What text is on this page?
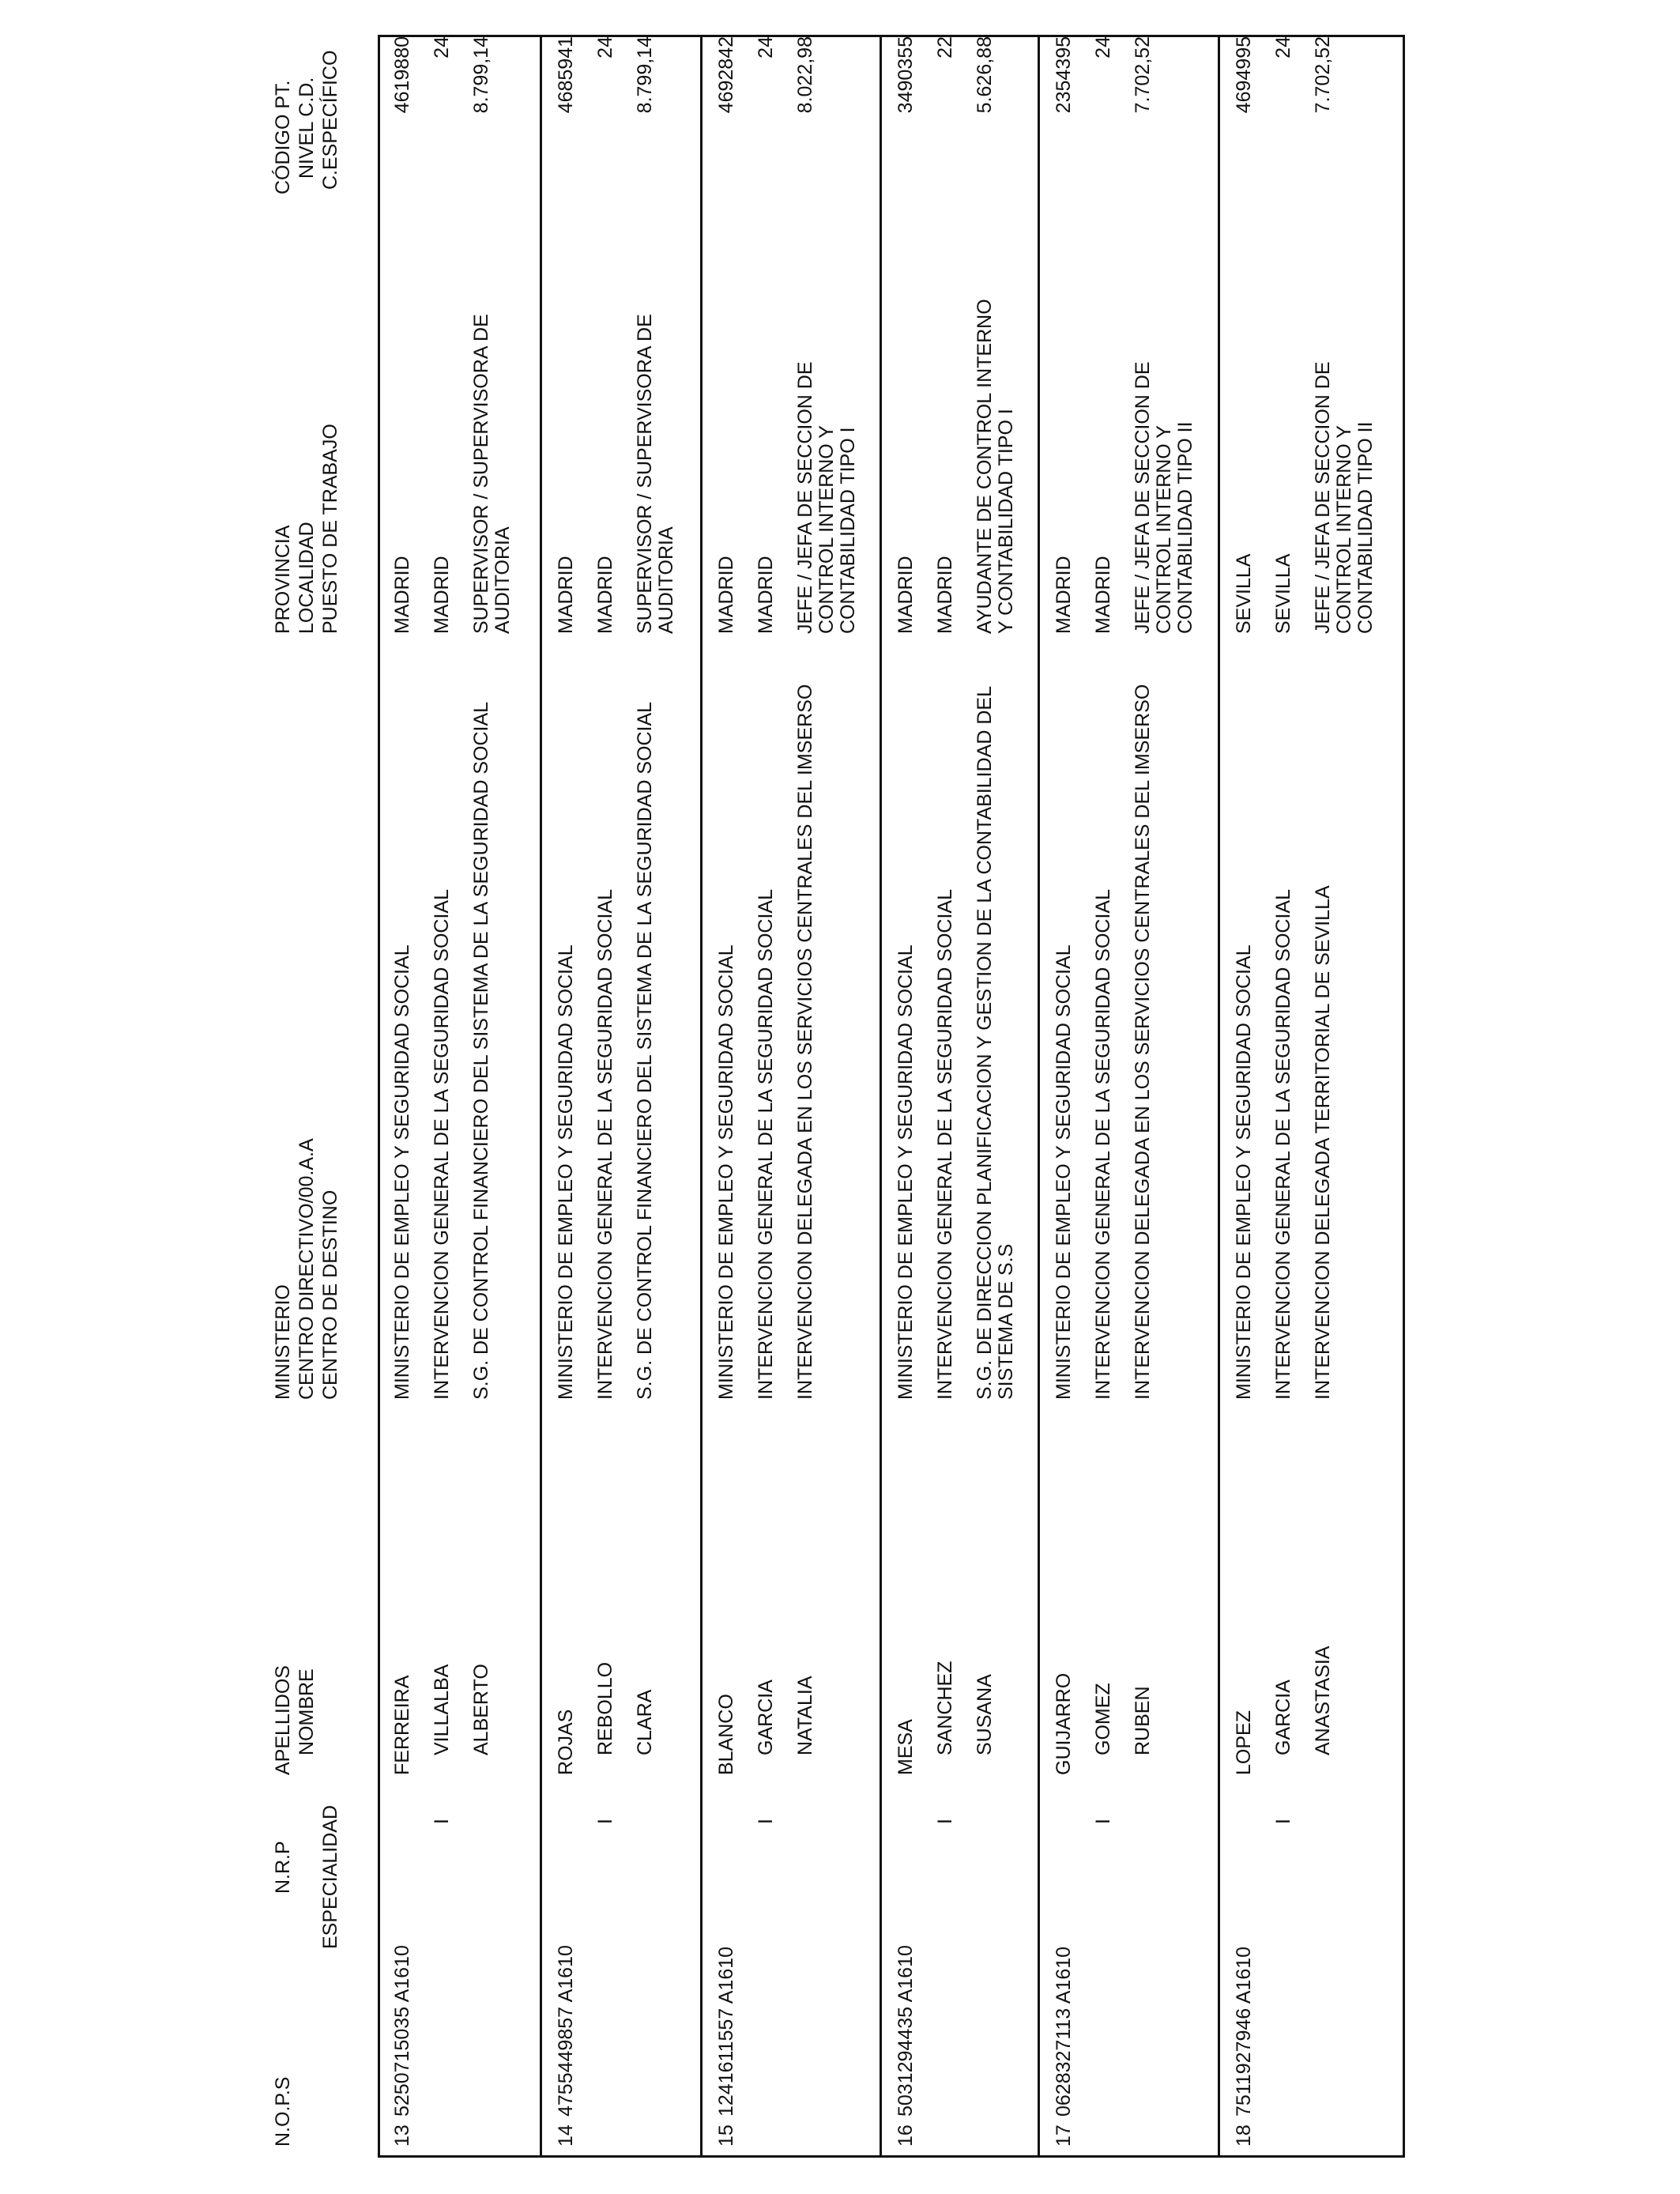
N.O.P.S
N.R.P ESPECIALIDAD
APELLIDOS NOMBRE
MINISTERIO CENTRO DIRECTIVO/00.A.A CENTRO DE DESTINO
PROVINCIA LOCALIDAD PUESTO DE TRABAJO
CÓDIGO PT. NIVEL C.D. C.ESPECÍFICO
13
5250715035 A1610
FERREIRA VILLALBA ALBERTO
MINISTERIO DE EMPLEO Y SEGURIDAD SOCIAL INTERVENCION GENERAL DE LA SEGURIDAD SOCIAL S.G. DE CONTROL FINANCIERO DEL SISTEMA DE LA SEGURIDAD SOCIAL
MADRID MADRID SUPERVISOR / SUPERVISORA DE AUDITORIA
4619880 24 8.799,14
I
14
4755449857 A1610
ROJAS REBOLLO CLARA
MINISTERIO DE EMPLEO Y SEGURIDAD SOCIAL INTERVENCION GENERAL DE LA SEGURIDAD SOCIAL S.G. DE CONTROL FINANCIERO DEL SISTEMA DE LA SEGURIDAD SOCIAL
MADRID MADRID SUPERVISOR / SUPERVISORA DE AUDITORIA
4685941 24 8.799,14
I
15
1241611557 A1610
BLANCO GARCIA NATALIA
MINISTERIO DE EMPLEO Y SEGURIDAD SOCIAL INTERVENCION GENERAL DE LA SEGURIDAD SOCIAL INTERVENCION DELEGADA EN LOS SERVICIOS CENTRALES DEL IMSERSO
MADRID MADRID JEFE / JEFA DE SECCION DE CONTROL INTERNO Y CONTABILIDAD TIPO I
4692842 24 8.022,98
I
16
5031294435 A1610
MESA SANCHEZ SUSANA
MINISTERIO DE EMPLEO Y SEGURIDAD SOCIAL INTERVENCION GENERAL DE LA SEGURIDAD SOCIAL S.G. DE DIRECCION PLANIFICACION Y GESTION DE LA CONTABILIDAD DEL SISTEMA DE S.S
MADRID MADRID AYUDANTE DE CONTROL INTERNO Y CONTABILIDAD TIPO I
3490355 22 5.626,88
I
17
0628327113 A1610
GUIJARRO GOMEZ RUBEN
MINISTERIO DE EMPLEO Y SEGURIDAD SOCIAL INTERVENCION GENERAL DE LA SEGURIDAD SOCIAL INTERVENCION DELEGADA EN LOS SERVICIOS CENTRALES DEL IMSERSO
MADRID MADRID JEFE / JEFA DE SECCION DE CONTROL INTERNO Y CONTABILIDAD TIPO II
2354395 24 7.702,52
I
18
7511927946 A1610
LOPEZ GARCIA ANASTASIA
MINISTERIO DE EMPLEO Y SEGURIDAD SOCIAL INTERVENCION GENERAL DE LA SEGURIDAD SOCIAL INTERVENCION DELEGADA TERRITORIAL DE SEVILLA
SEVILLA SEVILLA JEFE / JEFA DE SECCION DE CONTROL INTERNO Y CONTABILIDAD TIPO II
4694995 24 7.702,52
I
